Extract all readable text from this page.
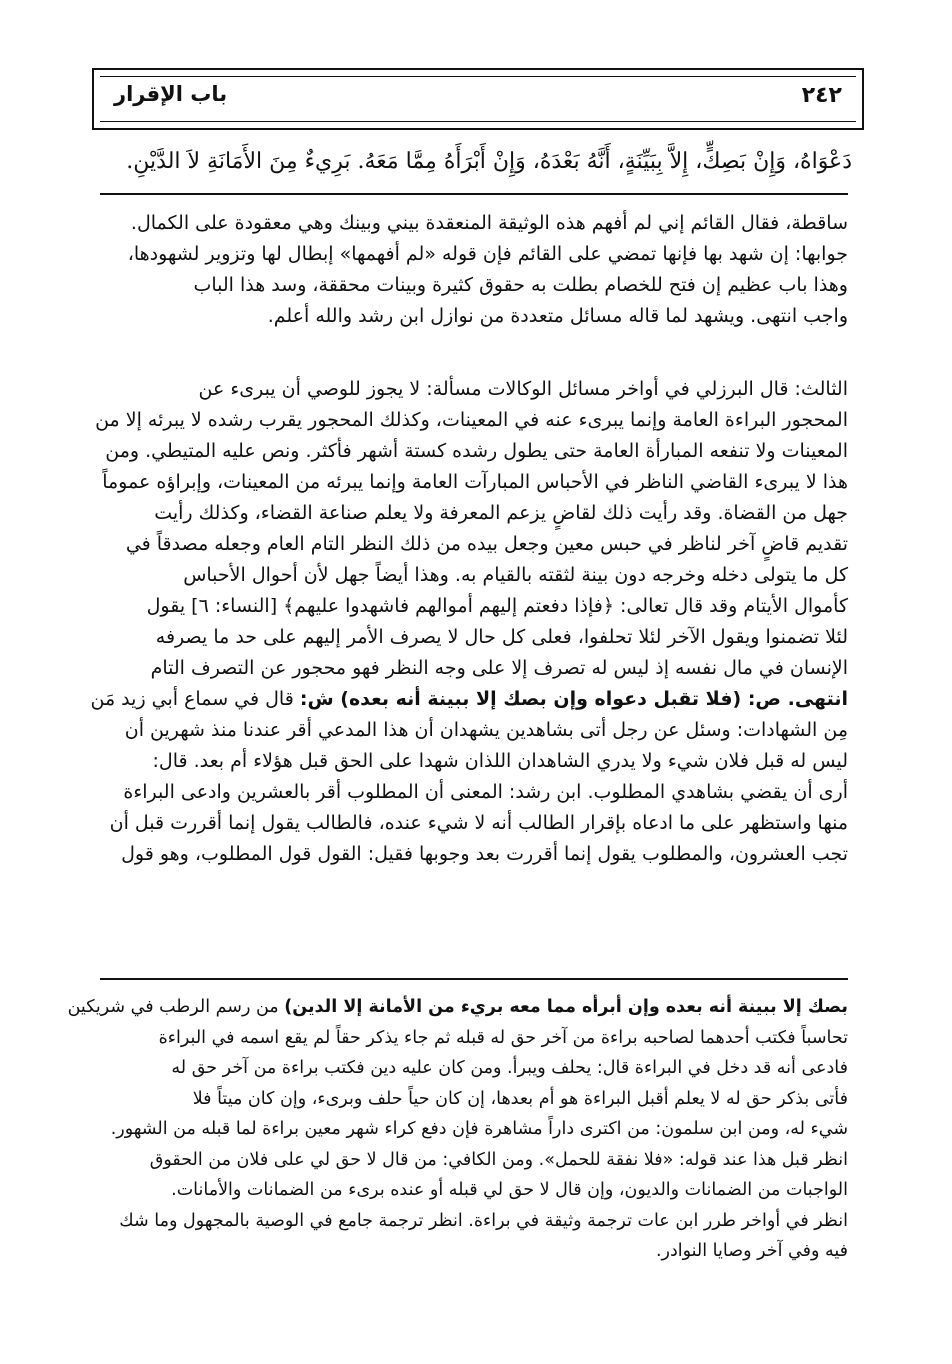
٢٤٢
باب الإقرار
دَعْوَاهُ، وَإِنْ بَصِكٍّ، إِلاَّ بِبَيِّنَةٍ، أَنَّهُ بَعْدَهُ، وَإِنْ أَبْرَأَهُ مِمَّا مَعَهُ. بَرِيءٌ مِنَ الأَمَانَةِ لاَ الدَّيْنِ.
ساقطة، فقال القائم إني لم أفهم هذه الوثيقة المنعقدة بيني وبينك وهي معقودة على الكمال.
جوابها: إن شهد بها فإنها تمضي على القائم فإن قوله «لم أفهمها» إبطال لها وتزوير لشهودها،
وهذا باب عظيم إن فتح للخصام بطلت به حقوق كثيرة وبينات محققة، وسد هذا الباب
واجب انتهى. ويشهد لما قاله مسائل متعددة من نوازل ابن رشد والله أعلم.
الثالث: قال البرزلي في أواخر مسائل الوكالات مسألة: لا يجوز للوصي أن يبرىء عن
المحجور البراءة العامة وإنما يبرىء عنه في المعينات، وكذلك المحجور يقرب رشده لا يبرئه إلا من
المعينات ولا تنفعه المبارأة العامة حتى يطول رشده كستة أشهر فأكثر. ونص عليه المتيطي. ومن
هذا لا يبرىء القاضي الناظر في الأحباس المبارآت العامة وإنما يبرئه من المعينات، وإبراؤه عموماً
جهل من القضاة. وقد رأيت ذلك لقاضٍ يزعم المعرفة ولا يعلم صناعة القضاء، وكذلك رأيت
تقديم قاضٍ آخر لناظر في حبس معين وجعل بيده من ذلك النظر التام العام وجعله مصدقاً في
كل ما يتولى دخله وخرجه دون بينة لثقته بالقيام به. وهذا أيضاً جهل لأن أحوال الأحباس
كأموال الأيتام وقد قال تعالى: ﴿فإذا دفعتم إليهم أموالهم فاشهدوا عليهم﴾ [النساء: ٦] يقول
لئلا تضمنوا ويقول الآخر لئلا تحلفوا، فعلى كل حال لا يصرف الأمر إليهم على حد ما يصرفه
الإنسان في مال نفسه إذ ليس له تصرف إلا على وجه النظر فهو محجور عن التصرف التام
انتهى. ص: (فلا تقبل دعواه وإن بصك إلا ببينة أنه بعده) ش: قال في سماع أبي زيد مَن
مِن الشهادات: وسئل عن رجل أتى بشاهدين يشهدان أن هذا المدعي أقر عندنا منذ شهرين أن
ليس له قبل فلان شيء ولا يدري الشاهدان اللذان شهدا على الحق قبل هؤلاء أم بعد. قال:
أرى أن يقضي بشاهدي المطلوب. ابن رشد: المعنى أن المطلوب أقر بالعشرين وادعى البراءة
منها واستظهر على ما ادعاه بإقرار الطالب أنه لا شيء عنده، فالطالب يقول إنما أقررت قبل أن
تجب العشرون، والمطلوب يقول إنما أقررت بعد وجوبها فقيل: القول قول المطلوب، وهو قول
بصك إلا ببينة أنه بعده وإن أبرأه مما معه بريء من الأمانة إلا الدين) من رسم الرطب في شريكين
تحاسباً فكتب أحدهما لصاحبه براءة من آخر حق له قبله ثم جاء يذكر حقاً لم يقع اسمه في البراءة
فادعى أنه قد دخل في البراءة قال: يحلف ويبرأ. ومن كان عليه دين فكتب براءة من آخر حق له
فأتى بذكر حق له لا يعلم أقبل البراءة هو أم بعدها، إن كان حياً حلف وبرىء، وإن كان ميتاً فلا
شيء له، ومن ابن سلمون: من اكترى داراً مشاهرة فإن دفع كراء شهر معين براءة لما قبله من الشهور.
انظر قبل هذا عند قوله: «فلا نفقة للحمل». ومن الكافي: من قال لا حق لي على فلان من الحقوق
الواجبات من الضمانات والديون، وإن قال لا حق لي قبله أو عنده برىء من الضمانات والأمانات.
انظر في أواخر طرر ابن عات ترجمة وثيقة في براءة. انظر ترجمة جامع في الوصية بالمجهول وما شك
فيه وفي آخر وصايا النوادر.
